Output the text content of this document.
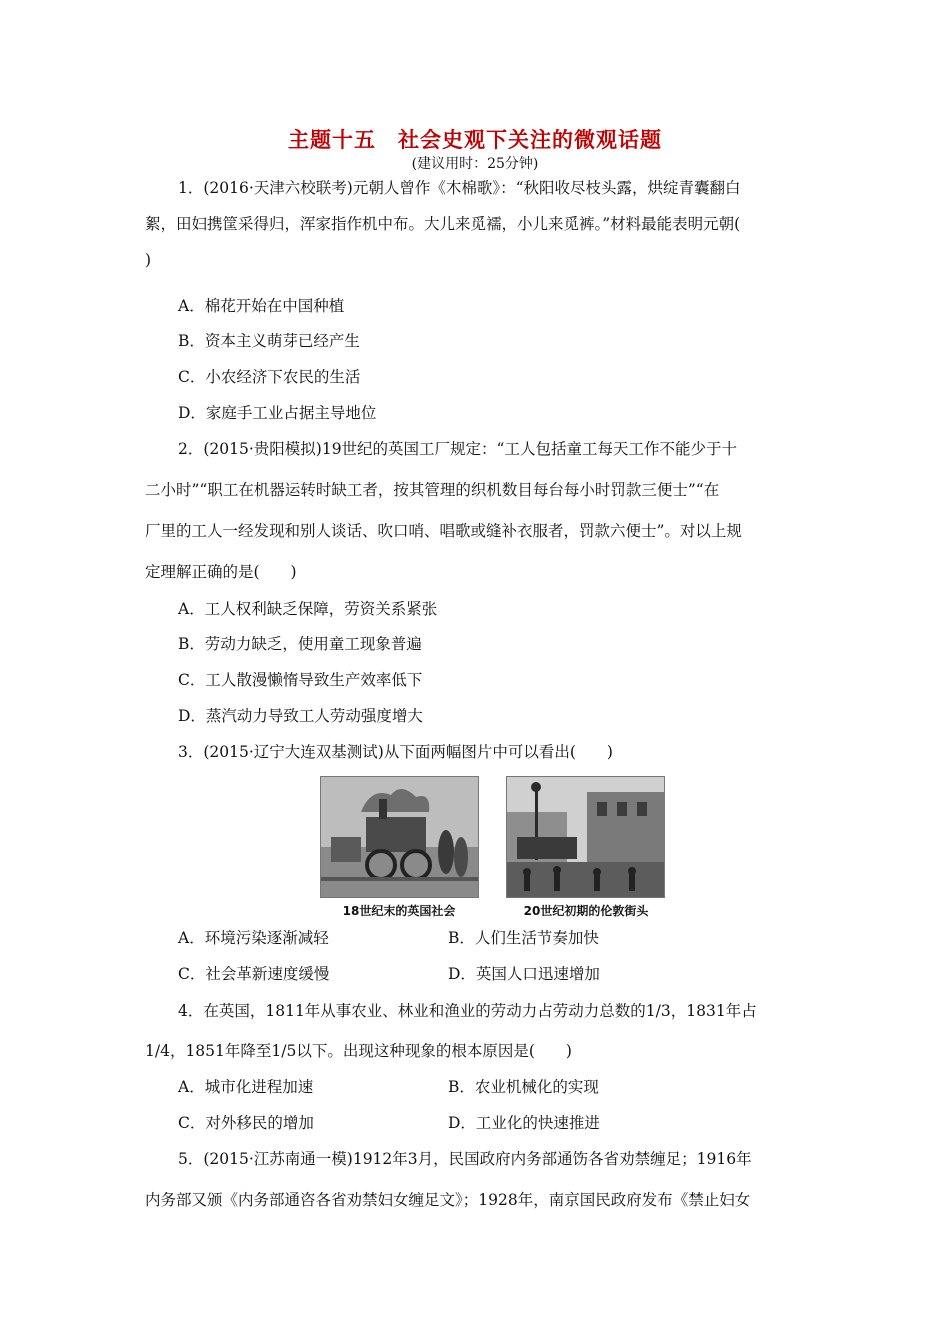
主题十五　社会史观下关注的微观话题
(建议用时：25分钟)
1．(2016·天津六校联考)元朝人曾作《木棉歌》：“秋阳收尽枝头露，烘绽青囊翻白
絮，田妇携筐采得归，浑家指作机中布。大儿来觅襦，小儿来觅裤。”材料最能表明元朝(
)
A．棉花开始在中国种植
B．资本主义萌芽已经产生
C．小农经济下农民的生活
D．家庭手工业占据主导地位
2．(2015·贵阳模拟)19世纪的英国工厂规定：“工人包括童工每天工作不能少于十
二小时”“职工在机器运转时缺工者，按其管理的织机数目每台每小时罚款三便士”“在
厂里的工人一经发现和别人谈话、吹口哨、唱歌或缝补衣服者，罚款六便士”。对以上规
定理解正确的是(　　)
A．工人权利缺乏保障，劳资关系紧张
B．劳动力缺乏，使用童工现象普遍
C．工人散漫懒惰导致生产效率低下
D．蒸汽动力导致工人劳动强度增大
3．(2015·辽宁大连双基测试)从下面两幅图片中可以看出(　　)
18世纪末的英国社会	20世纪初期的伦敦街头
A．环境污染逐渐减轻	B．人们生活节奏加快
C．社会革新速度缓慢	D．英国人口迅速增加
4．在英国，1811年从事农业、林业和渔业的劳动力占劳动力总数的1/3，1831年占
1/4，1851年降至1/5以下。出现这种现象的根本原因是(　　)
A．城市化进程加速	B．农业机械化的实现
C．对外移民的增加	D．工业化的快速推进
5．(2015·江苏南通一模)1912年3月，民国政府内务部通饬各省劝禁缠足；1916年
内务部又颁《内务部通咨各省劝禁妇女缠足文》；1928年，南京国民政府发布《禁止妇女
